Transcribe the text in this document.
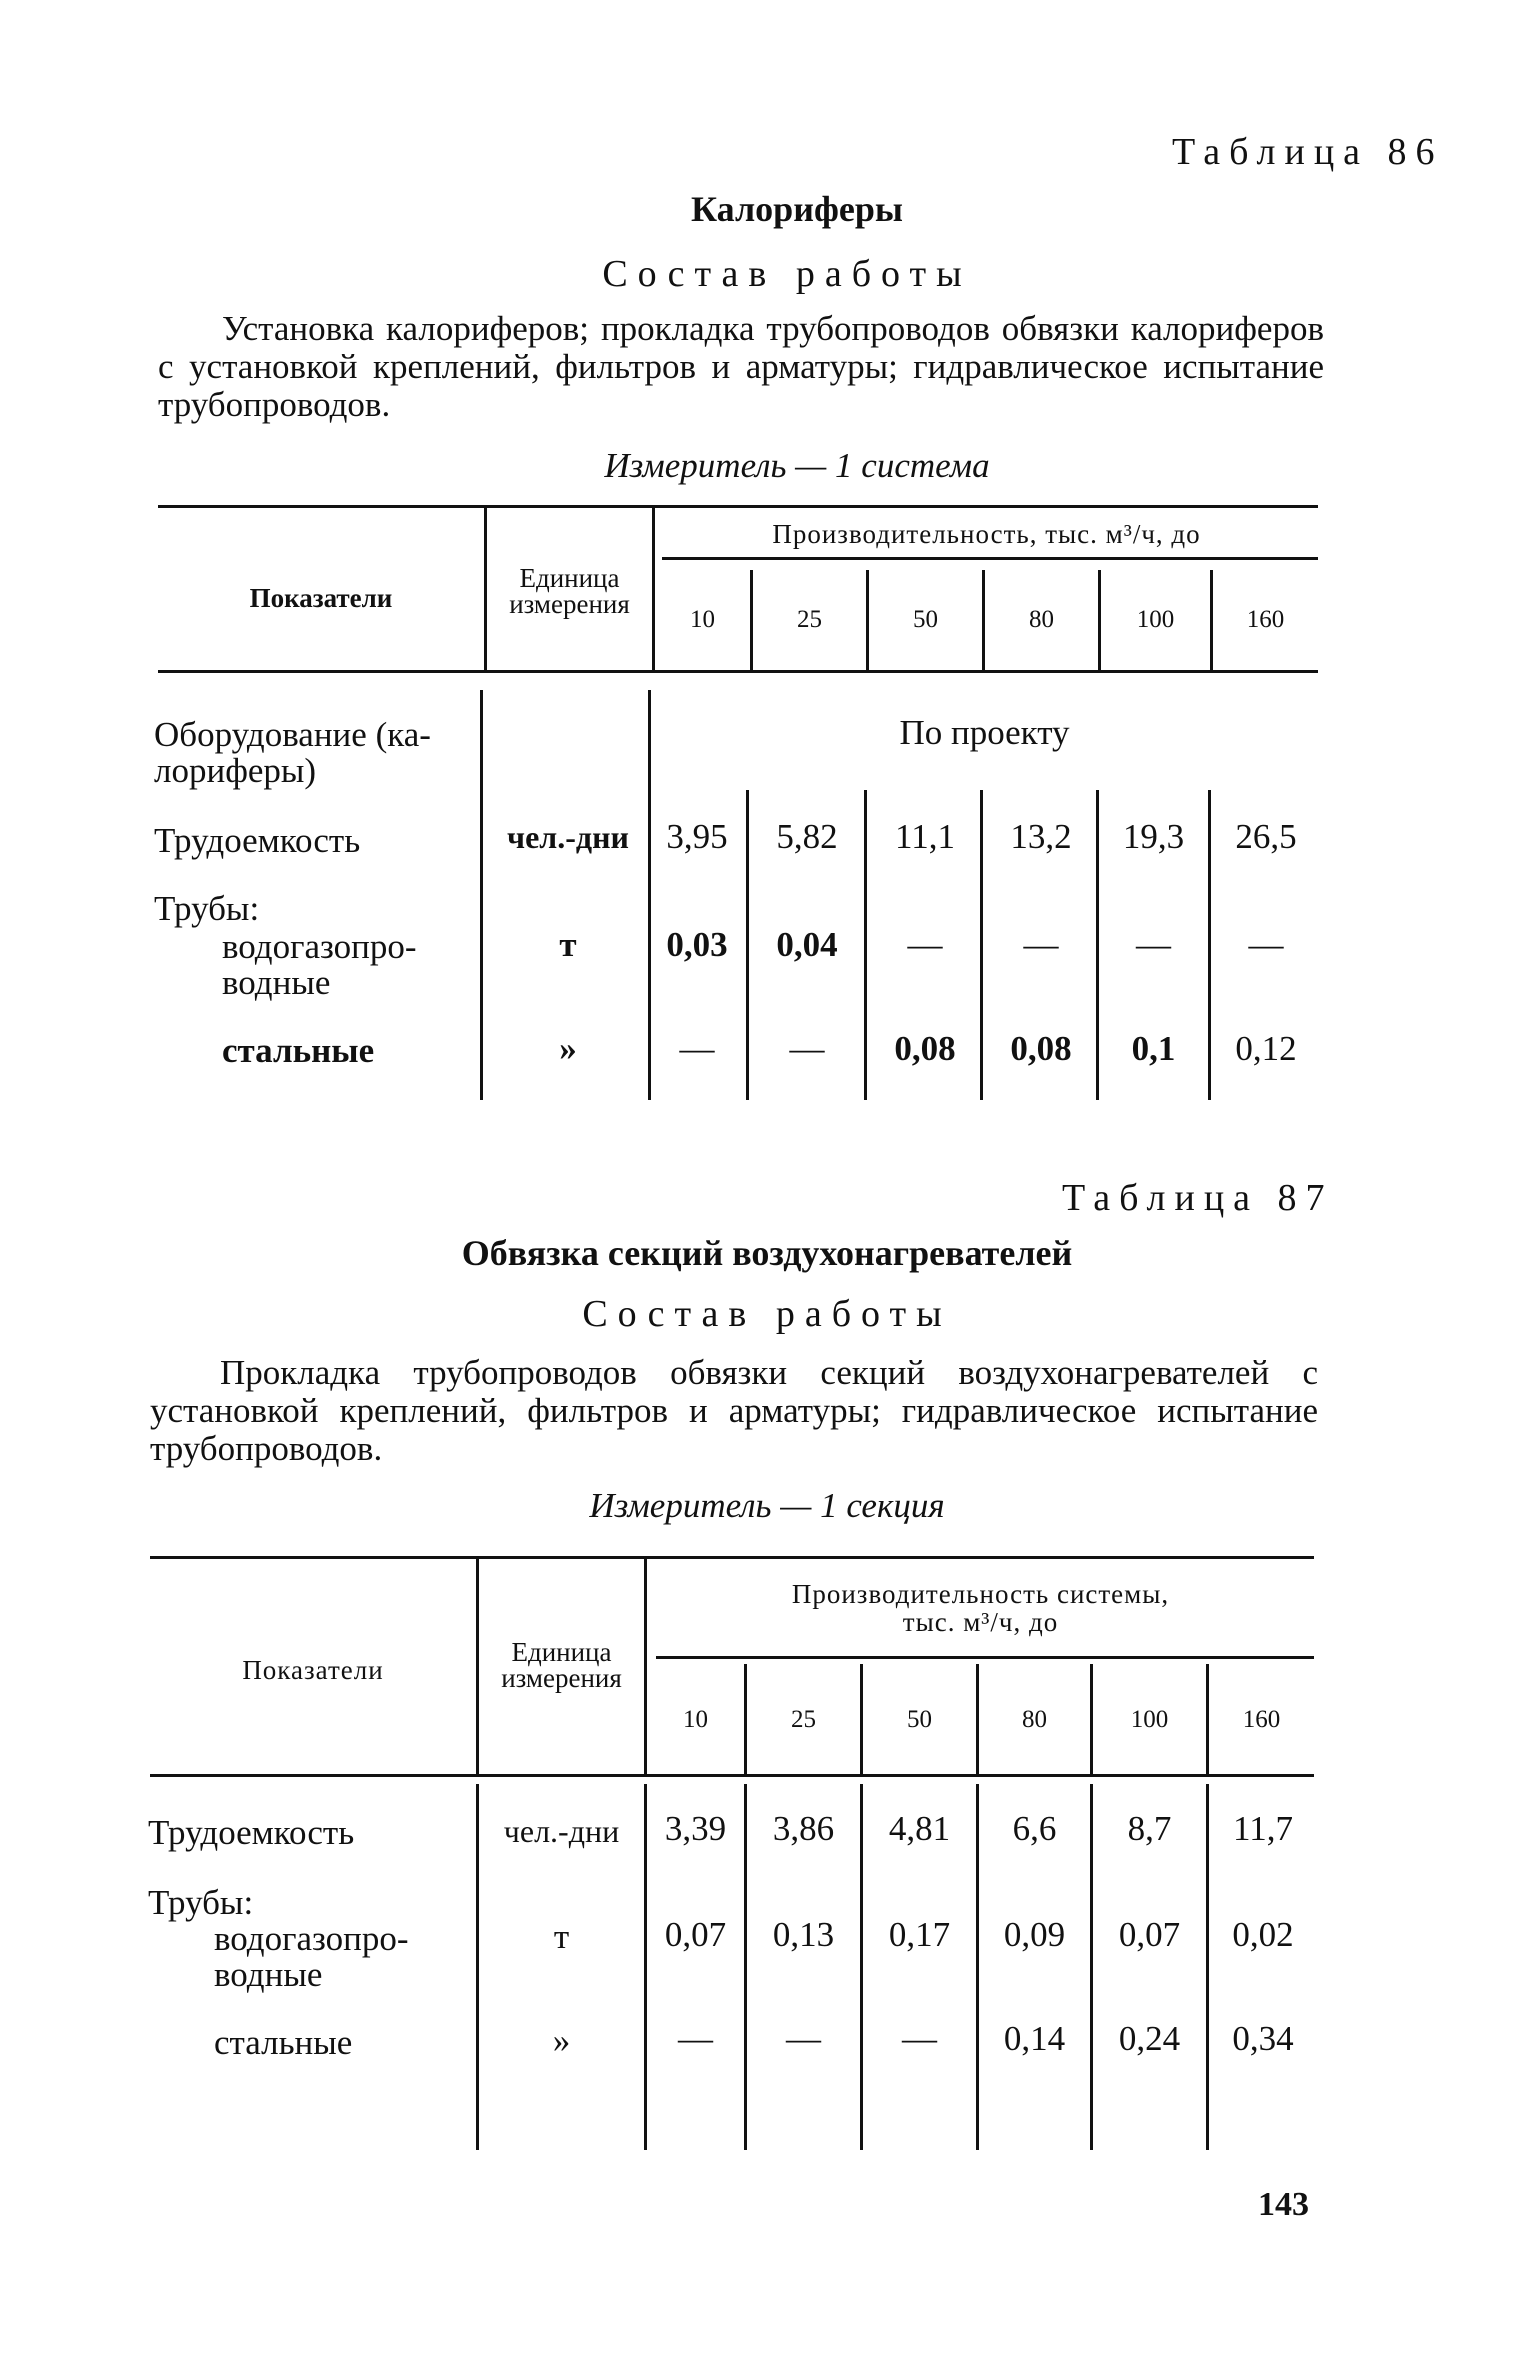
Таблица 86
Калориферы
Состав работы
Установка калориферов; прокладка трубопроводов обвязки калориферов с установкой креплений, фильтров и арматуры; гидравлическое испытание трубопроводов.
Измеритель — 1 система
Показатели
Единица
измерения
Производительность, тыс. м³/ч, до
10	25	50	80	100	160
Оборудование (ка-
лориферы)
По проекту
Трудоемкость	чел.-дни	3,95	5,82	11,1	13,2	19,3	26,5
Трубы:
водогазопро-
водные
т	0,03	0,04	—	—	—	—
стальные	»	—	—	0,08	0,08	0,1	0,12
Таблица 87
Обвязка секций воздухонагревателей
Состав работы
Прокладка трубопроводов обвязки секций воздухонагревателей с установкой креплений, фильтров и арматуры; гидравлическое испытание трубопроводов.
Измеритель — 1 секция
Показатели
Единица
измерения
Производительность системы,
тыс. м³/ч, до
10	25	50	80	100	160
Трудоемкость	чел.-дни	3,39	3,86	4,81	6,6	8,7	11,7
Трубы:
водогазопро-
водные
т	0,07	0,13	0,17	0,09	0,07	0,02
стальные	»	—	—	—	0,14	0,24	0,34
143
